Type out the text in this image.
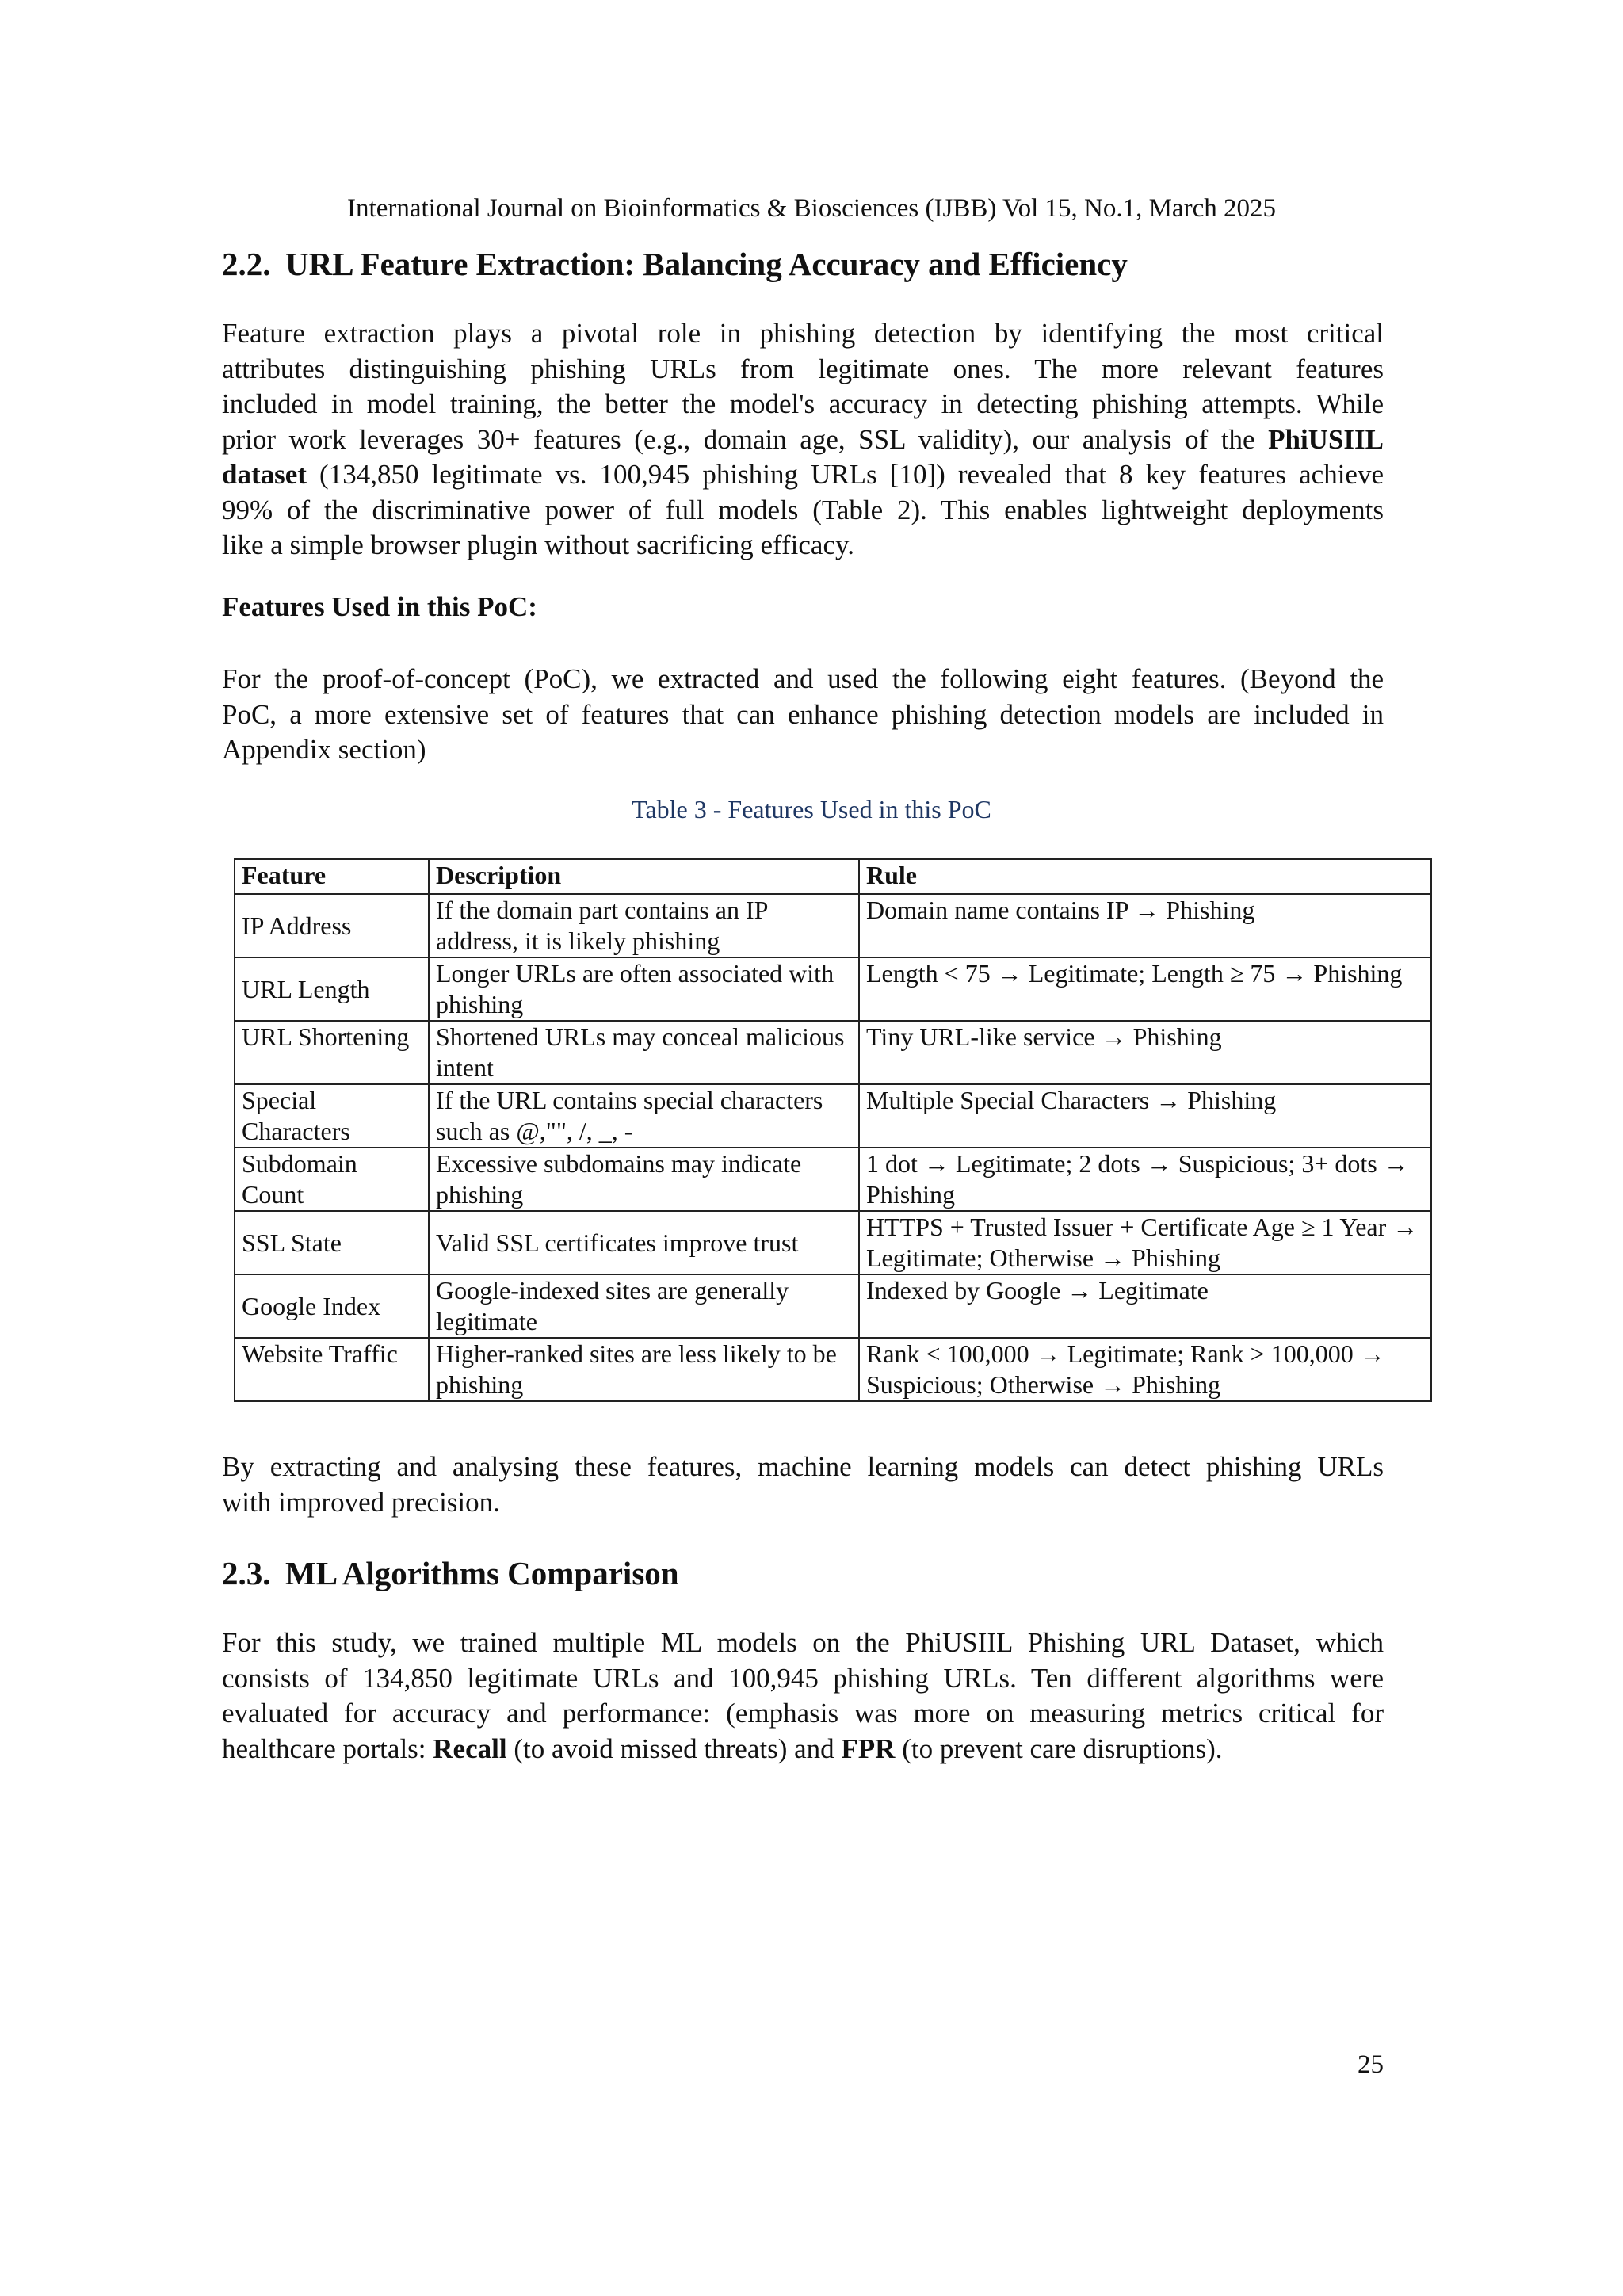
International Journal on Bioinformatics & Biosciences (IJBB) Vol 15, No.1, March 2025
2.2. URL Feature Extraction: Balancing Accuracy and Efficiency

Feature extraction plays a pivotal role in phishing detection by identifying the most critical

attributes distinguishing phishing URLs from legitimate ones. The more relevant features

included in model training, the better the model's accuracy in detecting phishing attempts. While

prior work leverages 30+ features (e.g., domain age, SSL validity), our analysis of the PhiUSIIL

dataset (134,850 legitimate vs. 100,945 phishing URLs [10]) revealed that 8 key features achieve

99% of the discriminative power of full models (Table 2). This enables lightweight deployments

like a simple browser plugin without sacrificing efficacy.

Features Used in this PoC:

For the proof-of-concept (PoC), we extracted and used the following eight features. (Beyond the

PoC, a more extensive set of features that can enhance phishing detection models are included in

Appendix section)

Table 3 - Features Used in this PoC
Feature	Description	Rule
IP Address	If the domain part contains an IP address, it is likely phishing	Domain name contains IP → Phishing
URL Length	Longer URLs are often associated with phishing	Length < 75 → Legitimate; Length ≥ 75 → Phishing
URL Shortening	Shortened URLs may conceal malicious intent	Tiny URL-like service → Phishing
Special Characters	If the URL contains special characters such as @,"", /, _, -	Multiple Special Characters → Phishing
Subdomain Count	Excessive subdomains may indicate phishing	1 dot → Legitimate; 2 dots → Suspicious; 3+ dots → Phishing
SSL State	Valid SSL certificates improve trust	HTTPS + Trusted Issuer + Certificate Age ≥ 1 Year → Legitimate; Otherwise → Phishing
Google Index	Google-indexed sites are generally legitimate	Indexed by Google → Legitimate
Website Traffic	Higher-ranked sites are less likely to be phishing	Rank < 100,000 → Legitimate; Rank > 100,000 → Suspicious; Otherwise → Phishing

By extracting and analysing these features, machine learning models can detect phishing URLs

with improved precision.

2.3. ML Algorithms Comparison

For this study, we trained multiple ML models on the PhiUSIIL Phishing URL Dataset, which

consists of 134,850 legitimate URLs and 100,945 phishing URLs. Ten different algorithms were

evaluated for accuracy and performance: (emphasis was more on measuring metrics critical for

healthcare portals: Recall (to avoid missed threats) and FPR (to prevent care disruptions).

25
